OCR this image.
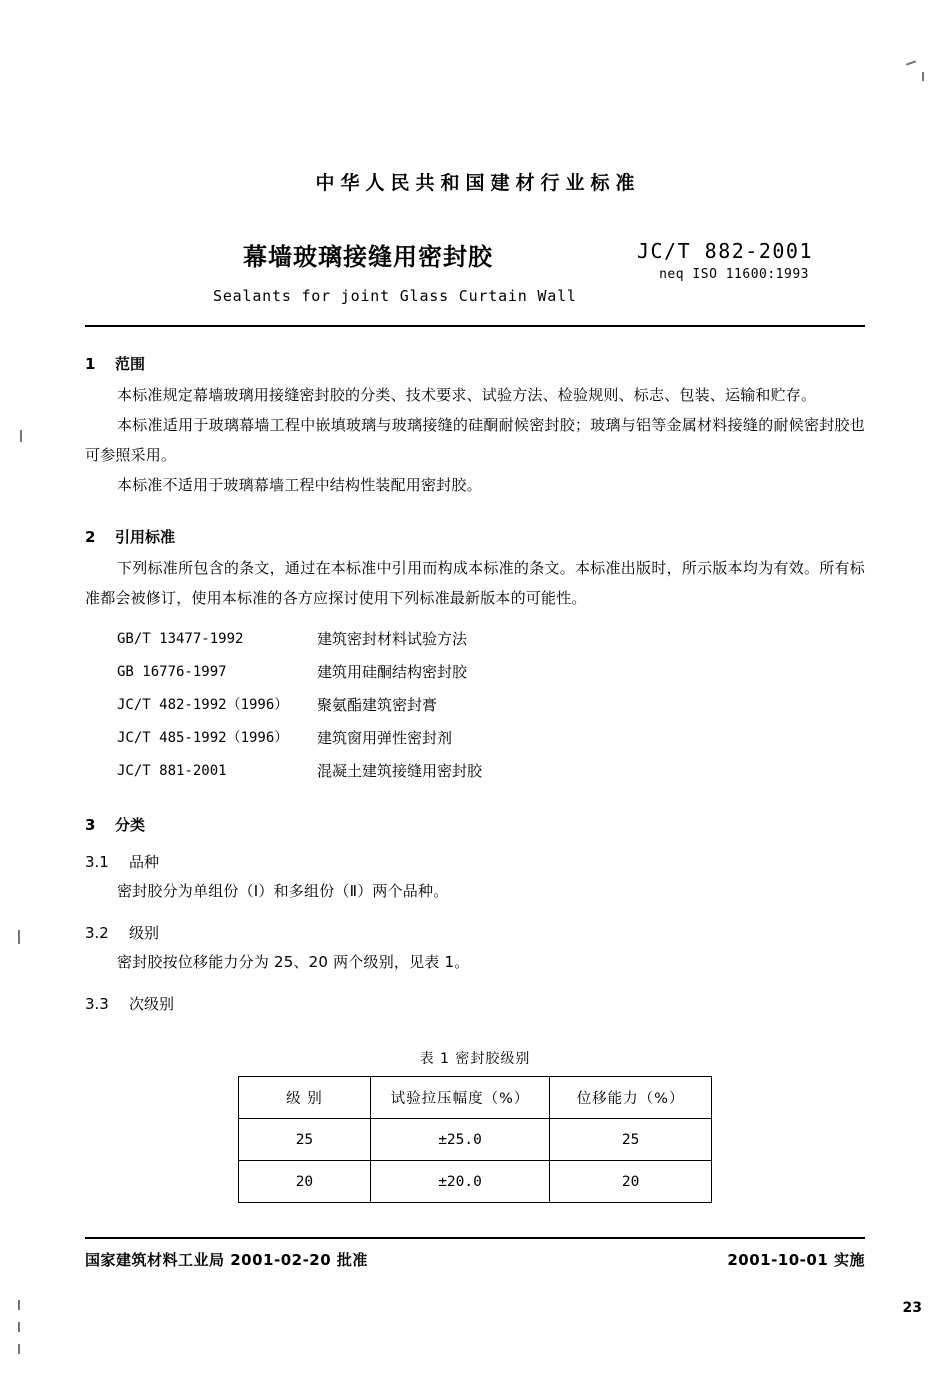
中华人民共和国建材行业标准
幕墙玻璃接缝用密封胶	JC/T 882-2001
neq ISO 11600:1993
Sealants for joint Glass Curtain Wall
1 范围

本标准规定幕墙玻璃用接缝密封胶的分类、技术要求、试验方法、检验规则、标志、包装、运输和贮存。

本标准适用于玻璃幕墙工程中嵌填玻璃与玻璃接缝的硅酮耐候密封胶；玻璃与铝等金属材料接缝的耐候密封胶也可参照采用。

本标准不适用于玻璃幕墙工程中结构性装配用密封胶。

2 引用标准

下列标准所包含的条文，通过在本标准中引用而构成本标准的条文。本标准出版时，所示版本均为有效。所有标准都会被修订，使用本标准的各方应探讨使用下列标准最新版本的可能性。

GB/T 13477-1992	建筑密封材料试验方法
GB 16776-1997	建筑用硅酮结构密封胶
JC/T 482-1992（1996）	聚氨酯建筑密封膏
JC/T 485-1992（1996）	建筑窗用弹性密封剂
JC/T 881-2001	混凝土建筑接缝用密封胶
3 分类
3.1 品种

密封胶分为单组份（Ⅰ）和多组份（Ⅱ）两个品种。

3.2 级别

密封胶按位移能力分为 25、20 两个级别，见表 1。

3.3 次级别
表 1 密封胶级别
级 别	试验拉压幅度（%）	位移能力（%）
25	±25.0	25
20	±20.0	20
国家建筑材料工业局 2001-02-20 批准	2001-10-01 实施
23
